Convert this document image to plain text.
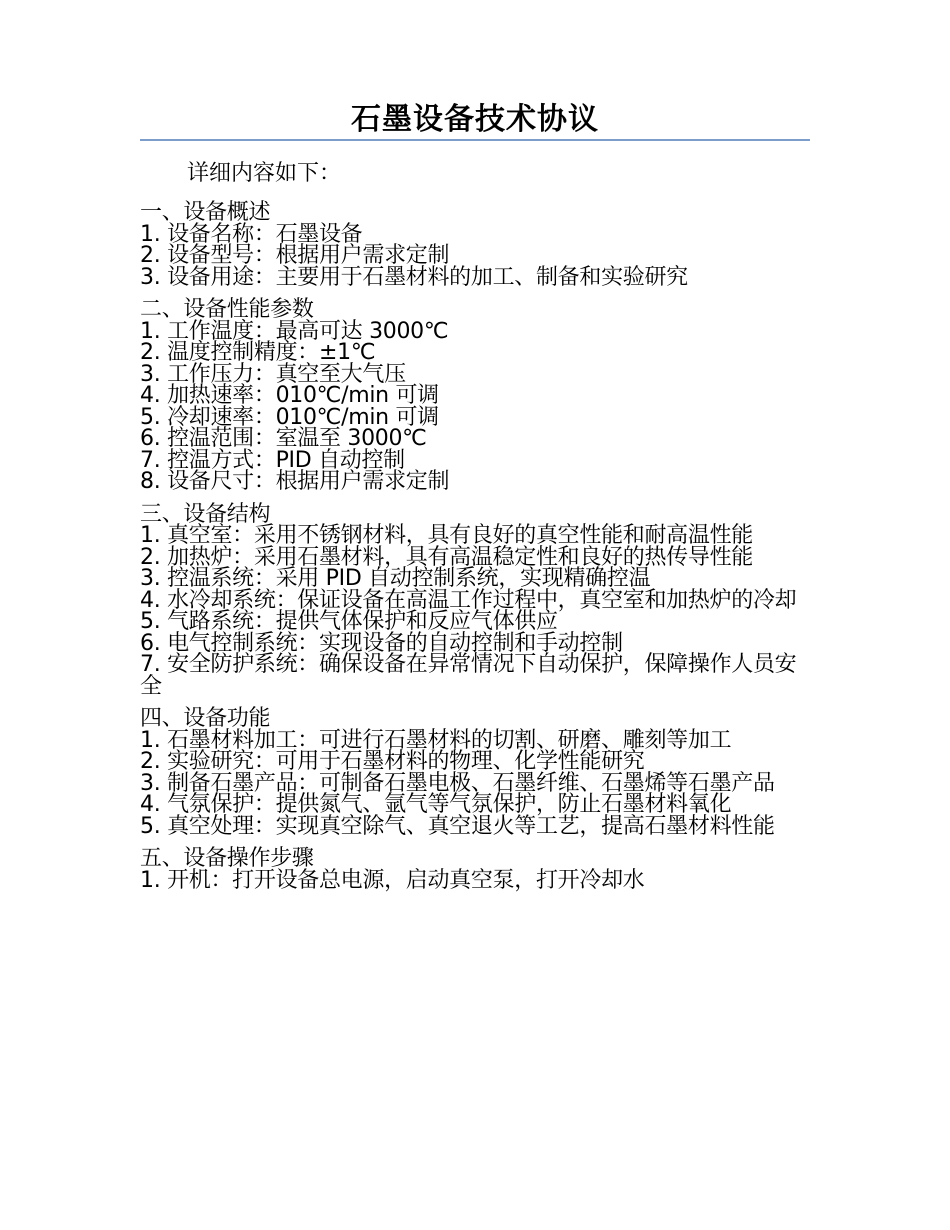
石墨设备技术协议
详细内容如下：
一、设备概述
1. 设备名称：石墨设备
2. 设备型号：根据用户需求定制
3. 设备用途：主要用于石墨材料的加工、制备和实验研究
二、设备性能参数
1. 工作温度：最高可达 3000℃
2. 温度控制精度：±1℃
3. 工作压力：真空至大气压
4. 加热速率：010℃/min 可调
5. 冷却速率：010℃/min 可调
6. 控温范围：室温至 3000℃
7. 控温方式：PID 自动控制
8. 设备尺寸：根据用户需求定制
三、设备结构
1. 真空室：采用不锈钢材料，具有良好的真空性能和耐高温性能
2. 加热炉：采用石墨材料，具有高温稳定性和良好的热传导性能
3. 控温系统：采用 PID 自动控制系统，实现精确控温
4. 水冷却系统：保证设备在高温工作过程中，真空室和加热炉的冷却
5. 气路系统：提供气体保护和反应气体供应
6. 电气控制系统：实现设备的自动控制和手动控制
7. 安全防护系统：确保设备在异常情况下自动保护，保障操作人员安全
四、设备功能
1. 石墨材料加工：可进行石墨材料的切割、研磨、雕刻等加工
2. 实验研究：可用于石墨材料的物理、化学性能研究
3. 制备石墨产品：可制备石墨电极、石墨纤维、石墨烯等石墨产品
4. 气氛保护：提供氮气、氩气等气氛保护，防止石墨材料氧化
5. 真空处理：实现真空除气、真空退火等工艺，提高石墨材料性能
五、设备操作步骤
1. 开机：打开设备总电源，启动真空泵，打开冷却水
